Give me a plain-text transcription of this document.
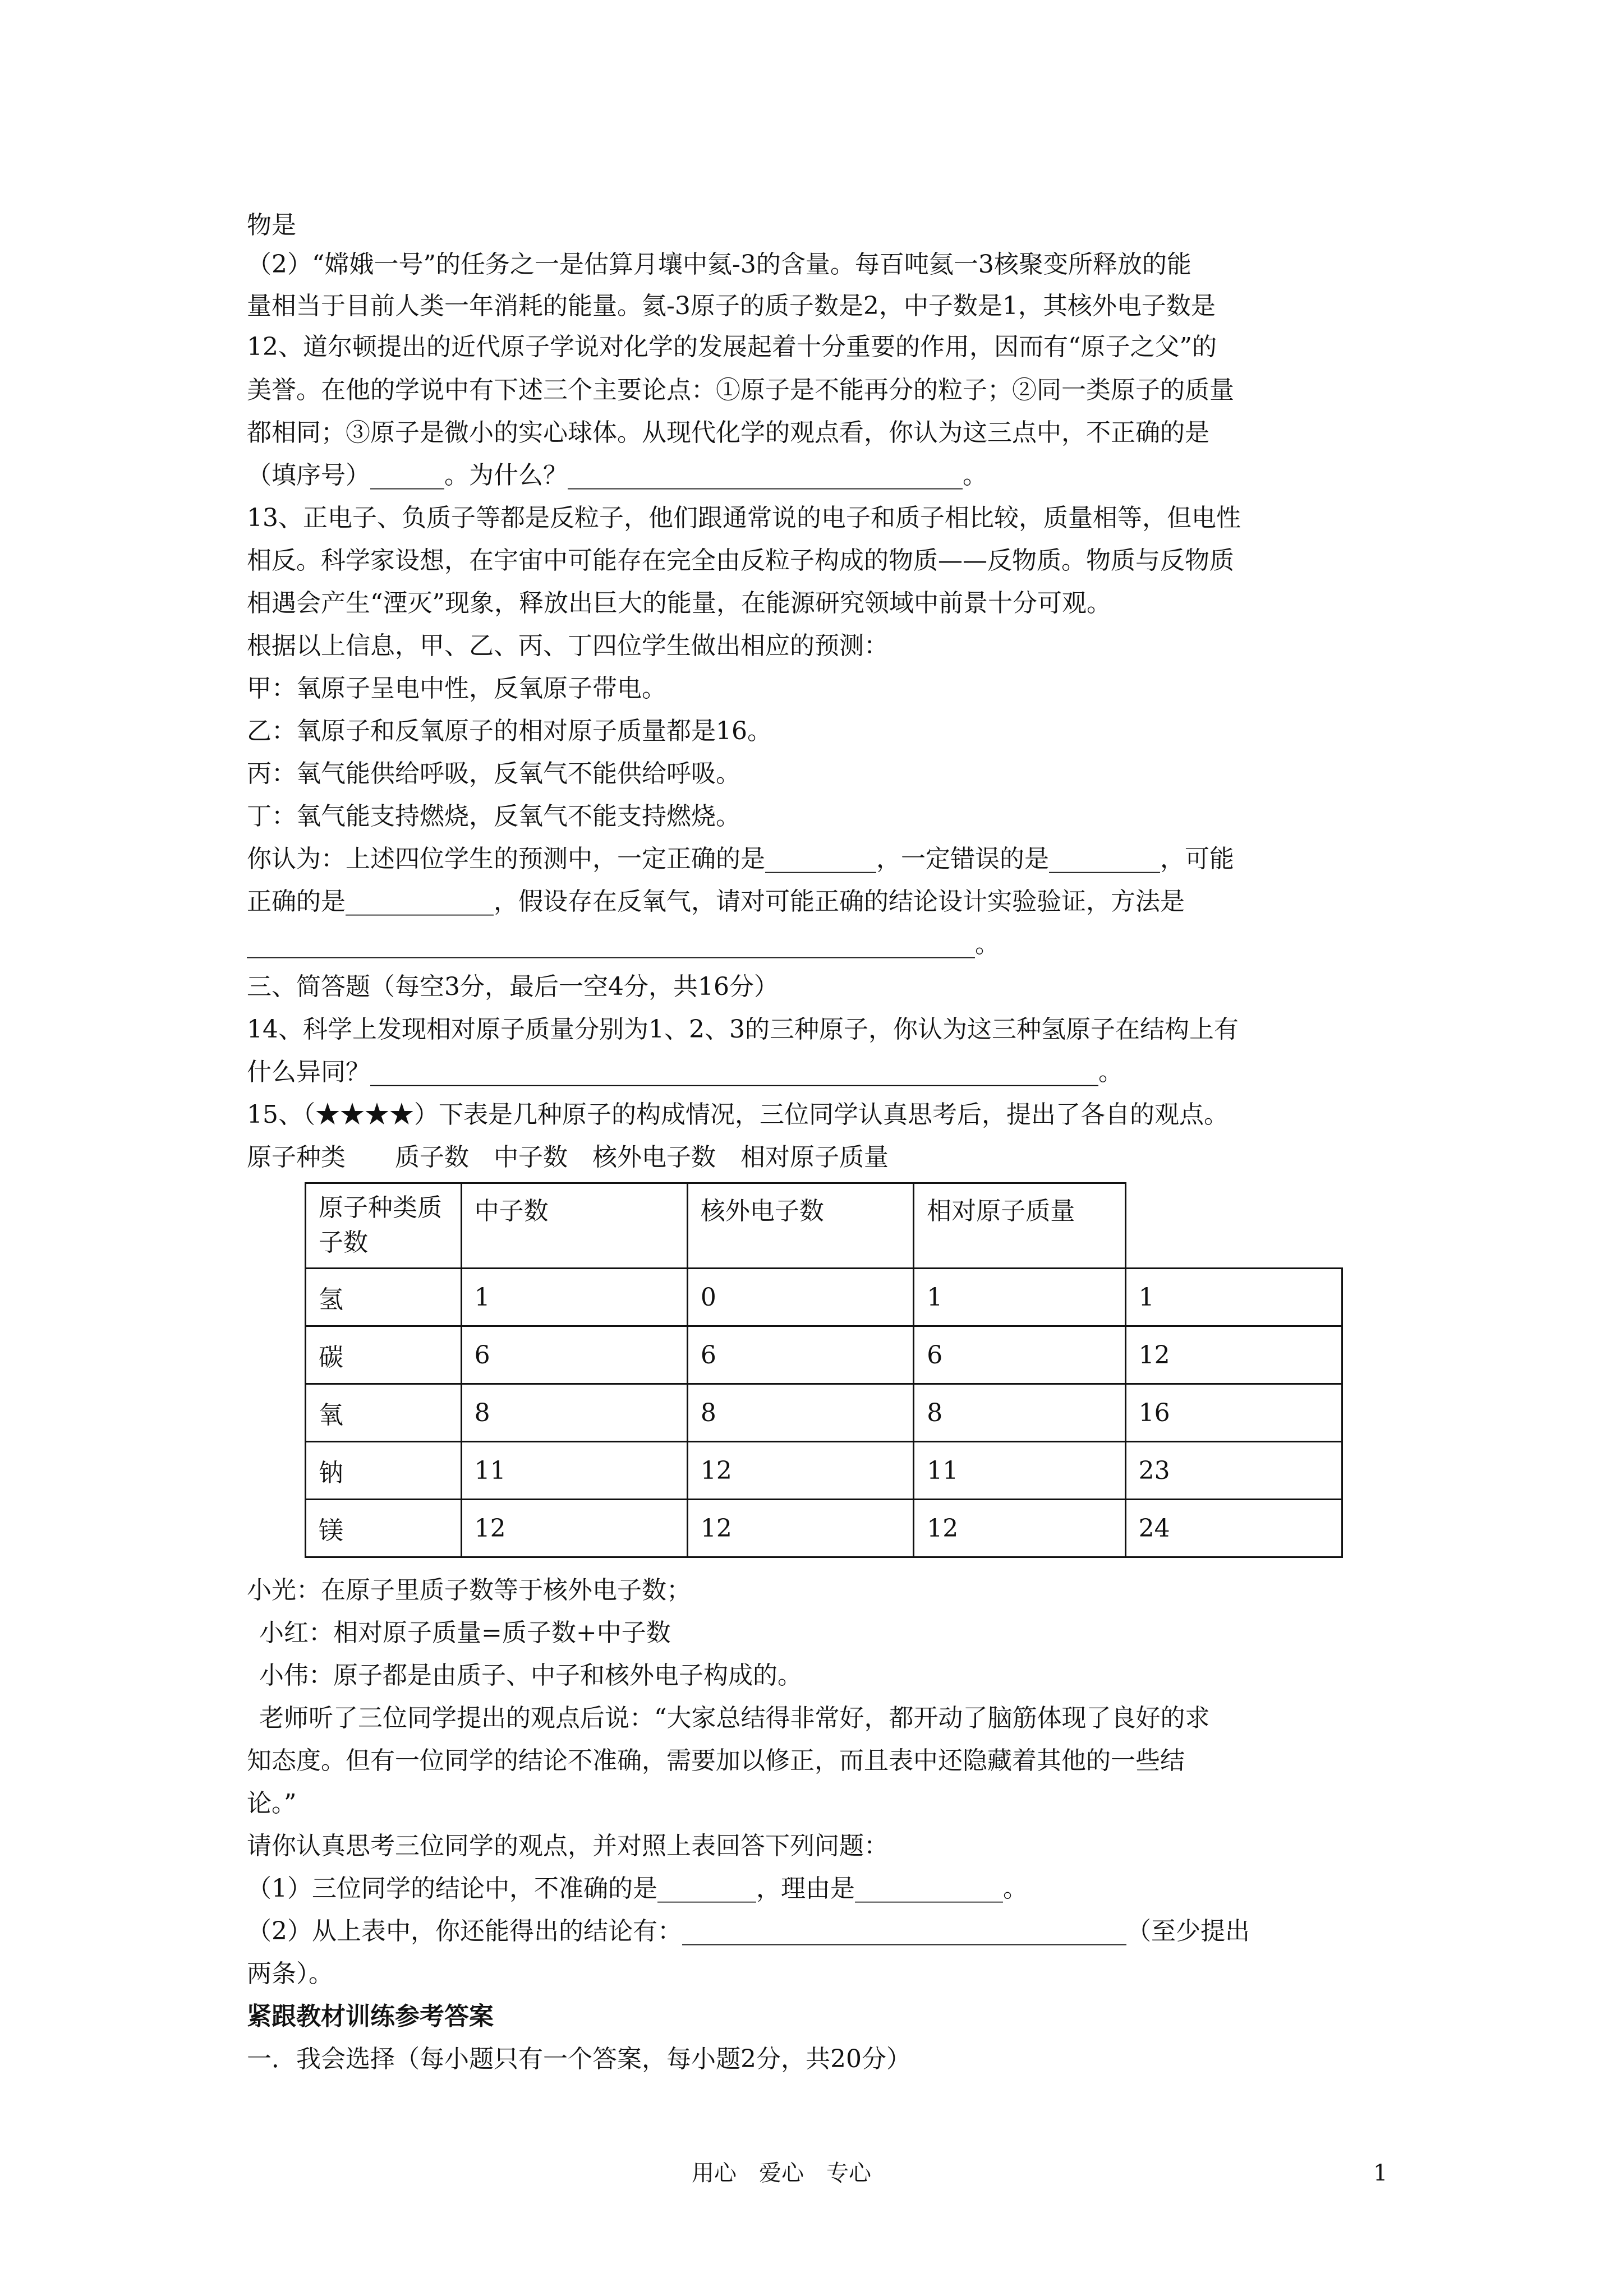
物是
（2）“嫦娥一号”的任务之一是估算月壤中氦-3的含量。每百吨氦一3核聚变所释放的能
量相当于目前人类一年消耗的能量。氦-3原子的质子数是2，中子数是1，其核外电子数是
12、道尔顿提出的近代原子学说对化学的发展起着十分重要的作用，因而有“原子之父”的
美誉。在他的学说中有下述三个主要论点：①原子是不能再分的粒子；②同一类原子的质量
都相同；③原子是微小的实心球体。从现代化学的观点看，你认为这三点中，不正确的是
（填序号）______。为什么？________________________________。
13、正电子、负质子等都是反粒子，他们跟通常说的电子和质子相比较，质量相等，但电性
相反。科学家设想，在宇宙中可能存在完全由反粒子构成的物质——反物质。物质与反物质
相遇会产生“湮灭”现象，释放出巨大的能量，在能源研究领域中前景十分可观。
根据以上信息，甲、乙、丙、丁四位学生做出相应的预测：
甲：氧原子呈电中性，反氧原子带电。
乙：氧原子和反氧原子的相对原子质量都是16。
丙：氧气能供给呼吸，反氧气不能供给呼吸。
丁：氧气能支持燃烧，反氧气不能支持燃烧。
你认为：上述四位学生的预测中，一定正确的是_________，一定错误的是_________，可能
正确的是____________，假设存在反氧气，请对可能正确的结论设计实验验证，方法是
___________________________________________________________。
三、简答题（每空3分，最后一空4分，共16分）
14、科学上发现相对原子质量分别为1、2、3的三种原子，你认为这三种氢原子在结构上有
什么异同？___________________________________________________________。
15、（★★★★）下表是几种原子的构成情况，三位同学认真思考后，提出了各自的观点。
原子种类　　质子数　中子数　核外电子数　相对原子质量
原子种类质子数	中子数	核外电子数	相对原子质量	
氢	1	0	1	1
碳	6	6	6	12
氧	8	8	8	16
钠	11	12	11	23
镁	12	12	12	24
小光：在原子里质子数等于核外电子数；
小红：相对原子质量=质子数+中子数
小伟：原子都是由质子、中子和核外电子构成的。
老师听了三位同学提出的观点后说：“大家总结得非常好，都开动了脑筋体现了良好的求
知态度。但有一位同学的结论不准确，需要加以修正，而且表中还隐藏着其他的一些结
论。”
请你认真思考三位同学的观点，并对照上表回答下列问题：
（1）三位同学的结论中，不准确的是________，理由是____________。
（2）从上表中，你还能得出的结论有：____________________________________（至少提出
两条）。
紧跟教材训练参考答案
一．我会选择（每小题只有一个答案，每小题2分，共20分）
用心　爱心　专心	1
